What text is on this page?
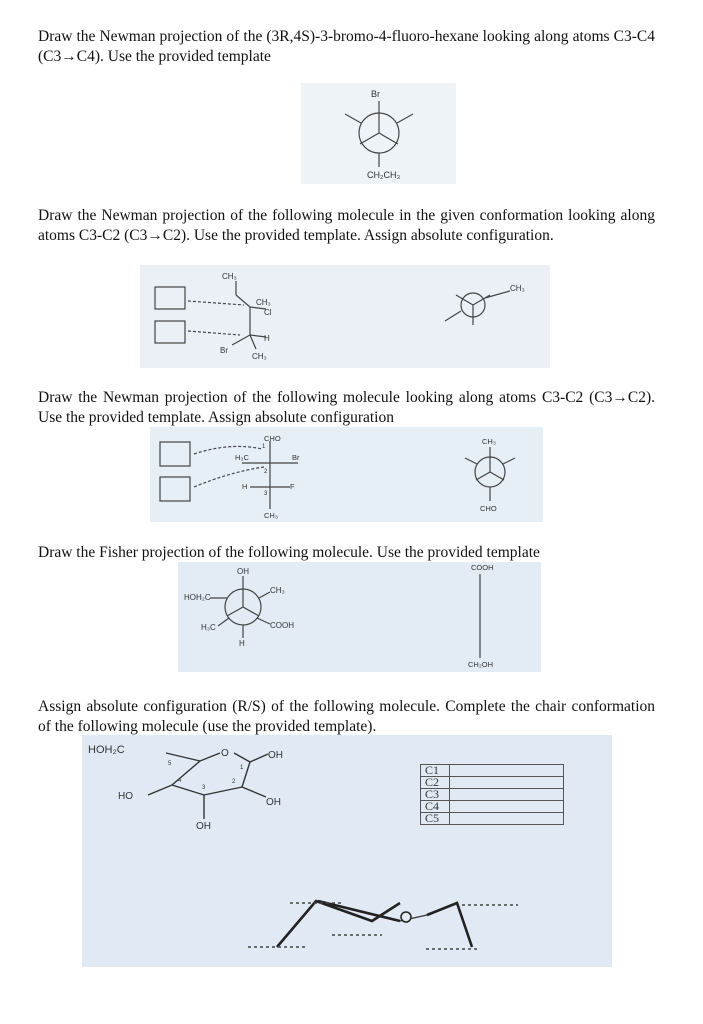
Draw the Newman projection of the (3R,4S)-3-bromo-4-fluoro-hexane looking along atoms C3-C4 (C3→C4). Use the provided template

Br
CH₂CH₃

Draw the Newman projection of the following molecule in the given conformation looking along atoms C3-C2 (C3→C2). Use the provided template. Assign absolute configuration.

CH₃
CH₃
Cl
H
Br
CH₃
CH₃

Draw the Newman projection of the following molecule looking along atoms C3-C2 (C3→C2). Use the provided template. Assign absolute configuration

CHO
1
H₃C
2
Br
H
3
F
CH₃
CH₃
CHO

Draw the Fisher projection of the following molecule. Use the provided template

OH
HOH₂C
CH₃
H₃C	COOH
H
COOH
CH₂OH

Assign absolute configuration (R/S) of the following molecule. Complete the chair conformation of the following molecule (use the provided template).

HOH₂C	O	OH
HO
OH
OH
1
2
3
4
5	C1	
C2	
C3	
C4	
C5	
